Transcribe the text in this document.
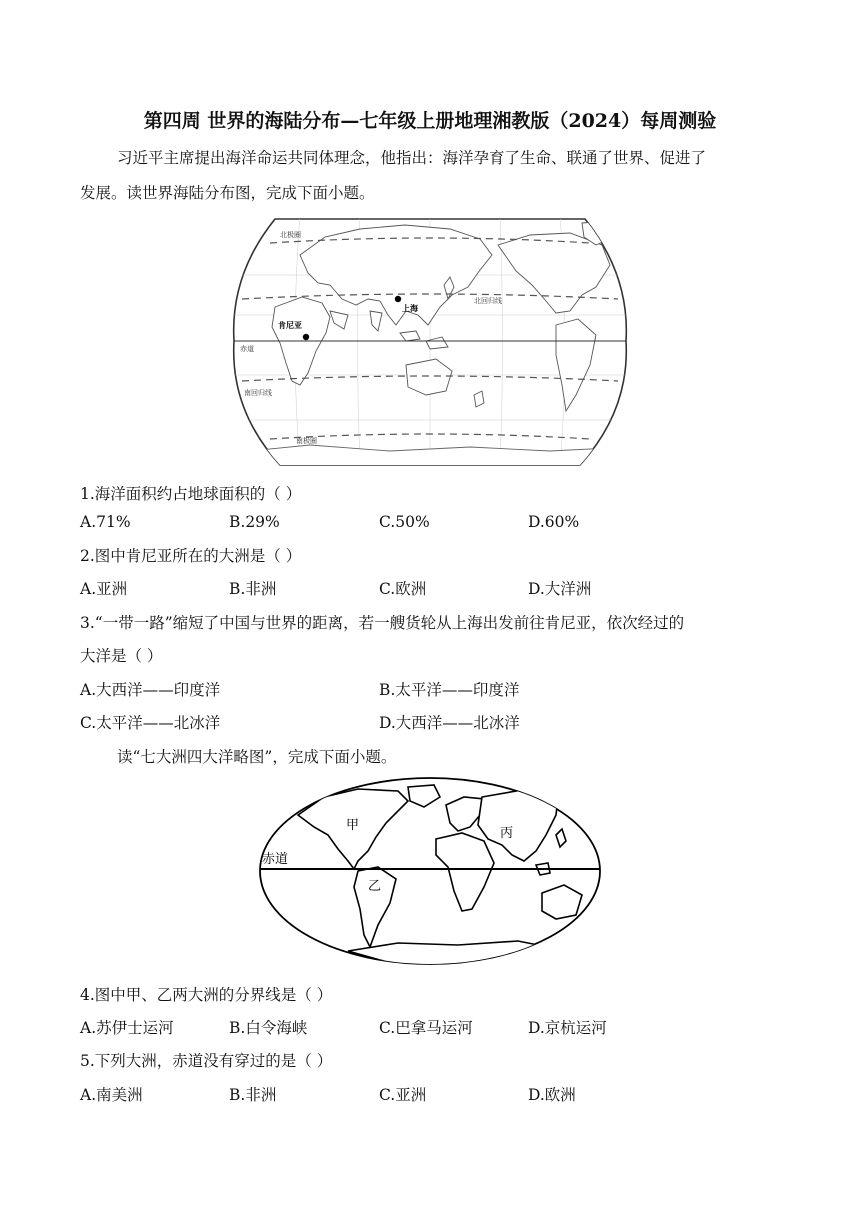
第四周 世界的海陆分布—七年级上册地理湘教版（2024）每周测验
习近平主席提出海洋命运共同体理念，他指出：海洋孕育了生命、联通了世界、促进了
发展。读世界海陆分布图，完成下面小题。
北极圈
北回归线
赤道
南回归线
南极圈
上海
肯尼亚
1.海洋面积约占地球面积的（ ）
A.71%	B.29%	C.50%	D.60%
2.图中肯尼亚所在的大洲是（ ）
A.亚洲	B.非洲	C.欧洲	D.大洋洲
3.“一带一路”缩短了中国与世界的距离，若一艘货轮从上海出发前往肯尼亚，依次经过的
大洋是（ ）
A.大西洋——印度洋	B.太平洋——印度洋
C.太平洋——北冰洋	D.大西洋——北冰洋
读“七大洲四大洋略图”，完成下面小题。
甲
乙
丙
赤道
4.图中甲、乙两大洲的分界线是（ ）
A.苏伊士运河	B.白令海峡	C.巴拿马运河	D.京杭运河
5.下列大洲，赤道没有穿过的是（ ）
A.南美洲	B.非洲	C.亚洲	D.欧洲
